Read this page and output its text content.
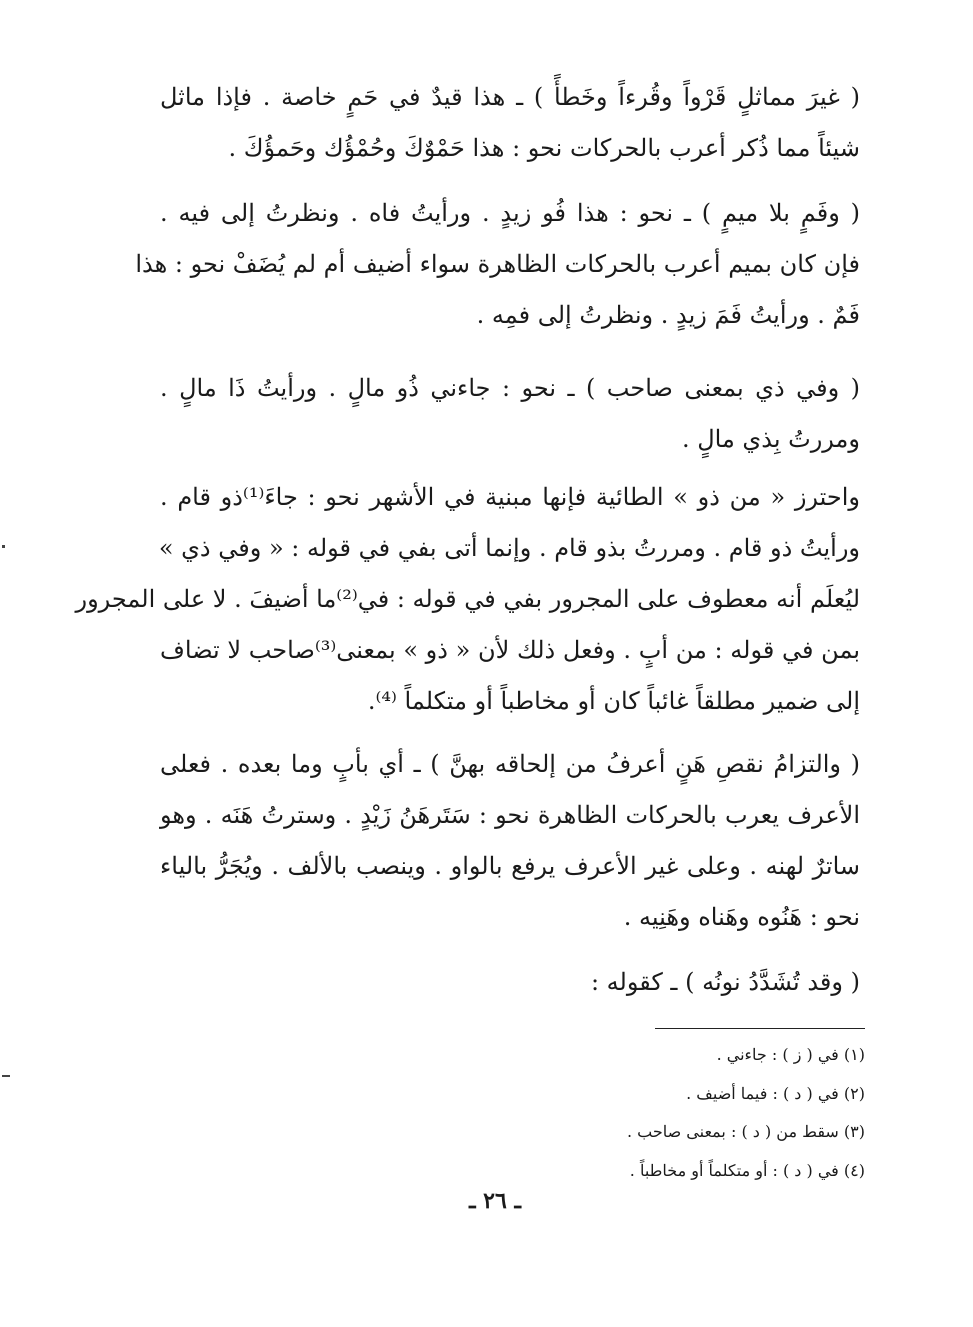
( غيرَ مماثلٍ قَرْواً وقُرءاً وخَطأً ) ـ هذا قيدٌ في حَمٍ خاصة . فإذا ماثل
شيئاً مما ذُكر أعرب بالحركات نحو : هذا حَمْوٌكَ وحُمْؤُك وحَمؤُكَ .
( وفَمٍ بلا ميمٍ ) ـ نحو : هذا فُو زيدٍ . ورأيتُ فاه . ونظرتُ إلى فيه .
فإن كان بميم أعرب بالحركات الظاهرة سواء أضيف أم لم يُضَفْ نحو : هذا
فَمٌ . ورأيتُ فَمَ زيدٍ . ونظرتُ إلى فمِه .
( وفي ذي بمعنى صاحب ) ـ نحو : جاءني ذُو مالٍ . ورأيتُ ذَا مالٍ .
ومررتُ بِذي مالٍ .
واحترز « من ذو » الطائية فإنها مبنية في الأشهر نحو : جاءَ⁽¹⁾ذو قام .
ورأيتُ ذو قام . ومررتُ بذو قام . وإنما أتى بفي في قوله : « وفي ذي »
ليُعلَم أنه معطوف على المجرور بفي في قوله : في⁽²⁾ما أضيفَ . لا على المجرور
بمن في قوله : من أبٍ . وفعل ذلك لأن « ذو » بمعنى⁽³⁾صاحب لا تضاف
إلى ضمير مطلقاً غائباً كان أو مخاطباً أو متكلماً ⁽⁴⁾.
( والتزامُ نقصِ هَنٍ أعرفُ من إلحاقه بهنَّ ) ـ أي بأبٍ وما بعده . فعلى
الأعرف يعرب بالحركات الظاهرة نحو : سَتَرهَنُ زَيْدٍ . وسترتُ هَنَه . وهو
ساترٌ لهنه . وعلى غير الأعرف يرفع بالواو . وينصب بالألف . ويُجَرُّ بالياء
نحو : هَنُوه وهَناه وهَنِيه .
( وقد تُشَدَّدُ نونُه ) ـ كقوله :
(١) في ( ز ) : جاءني .
(٢) في ( د ) : فيما أضيف .
(٣) سقط من ( د ) : بمعنى صاحب .
(٤) في ( د ) : أو متكلماً أو مخاطباً .
ـ ٢٦ ـ
